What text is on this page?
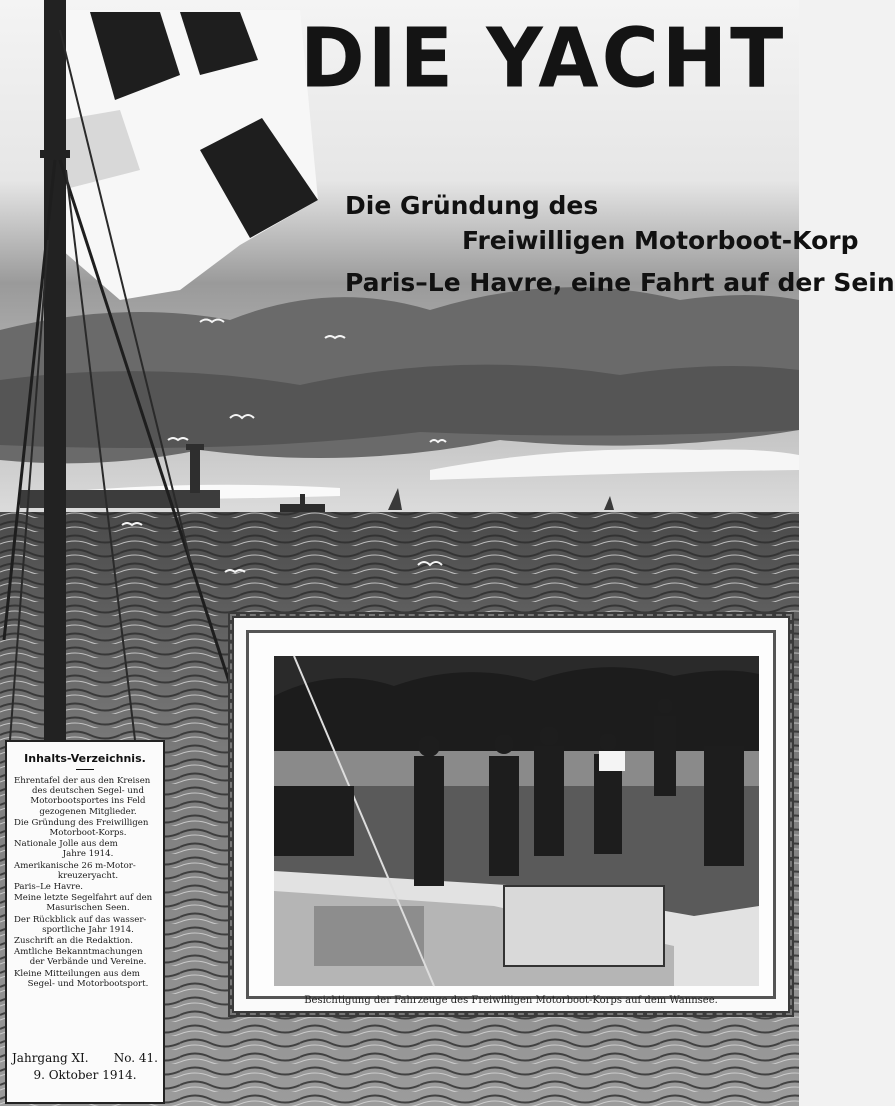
DIE YACHT
Die Gründung des
Freiwilligen Motorboot-Korp
Paris–Le Havre, eine Fahrt auf der Sein
Besichtigung der Fahrzeuge des Freiwilligen Motorboot-Korps auf dem Wannsee.
Inhalts-Verzeichnis.
Ehrentafel der aus den Kreisen
des deutschen Segel- und
Motorbootsportes ins Feld
gezogenen Mitglieder.
Die Gründung des Freiwilligen
Motorboot-Korps.
Nationale Jolle aus dem
Jahre 1914.
Amerikanische 26 m-Motor-
kreuzeryacht.
Paris–Le Havre.
Meine letzte Segelfahrt auf den
Masurischen Seen.
Der Rückblick auf das wasser-
sportliche Jahr 1914.
Zuschrift an die Redaktion.
Amtliche Bekanntmachungen
der Verbände und Vereine.
Kleine Mitteilungen aus dem
Segel- und Motorbootsport.
Jahrgang XI. No. 41.
9. Oktober 1914.
